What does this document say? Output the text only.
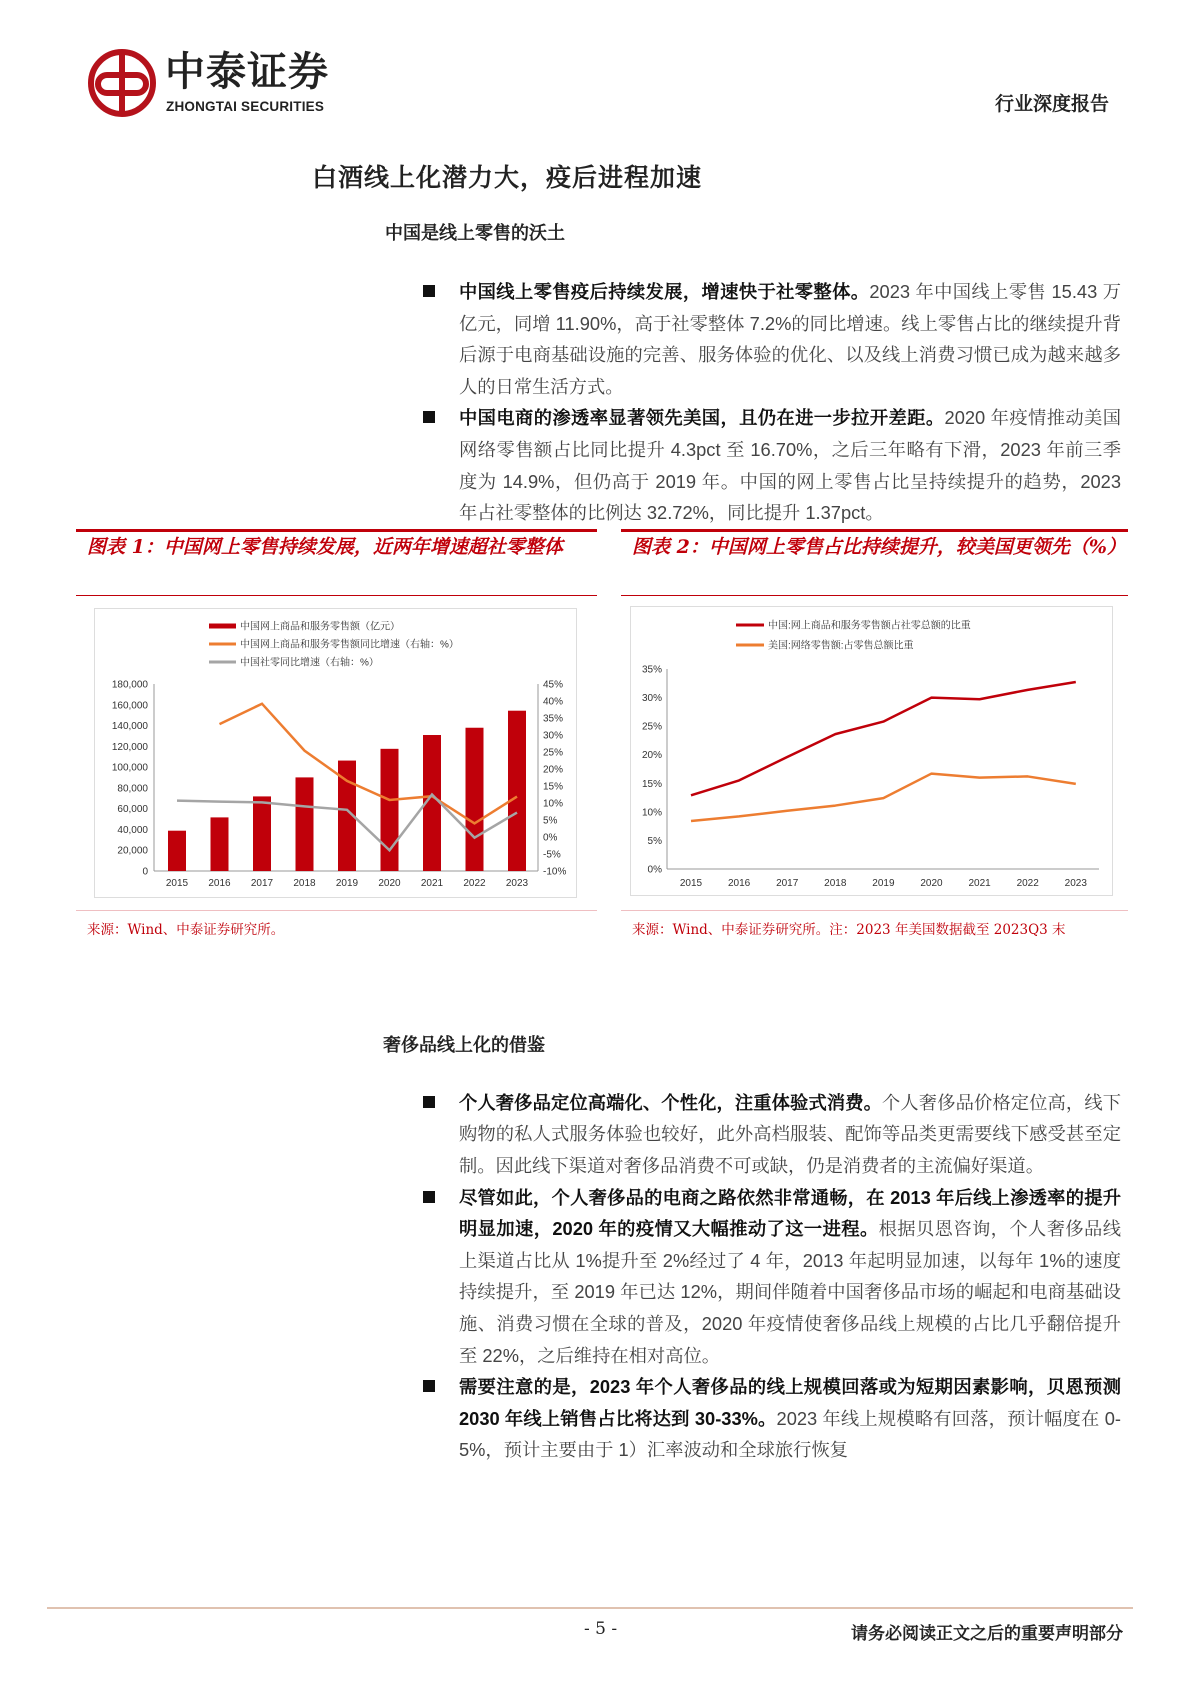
中泰证券
ZHONGTAI SECURITIES	行业深度报告
白酒线上化潜力大，疫后进程加速
中国是线上零售的沃土
中国线上零售疫后持续发展，增速快于社零整体。2023 年中国线上零售 15.43 万亿元，同增 11.90%，高于社零整体 7.2%的同比增速。线上零售占比的继续提升背后源于电商基础设施的完善、服务体验的优化、以及线上消费习惯已成为越来越多人的日常生活方式。
中国电商的渗透率显著领先美国，且仍在进一步拉开差距。2020 年疫情推动美国网络零售额占比同比提升 4.3pct 至 16.70%，之后三年略有下滑，2023 年前三季度为 14.9%，但仍高于 2019 年。中国的网上零售占比呈持续提升的趋势，2023 年占社零整体的比例达 32.72%，同比提升 1.37pct。
图表 1：中国网上零售持续发展，近两年增速超社零整体
中国网上商品和服务零售额（亿元）
中国网上商品和服务零售额同比增速（右轴：%）
中国社零同比增速（右轴：%）
0
20,000
40,000
60,000
80,000
100,000
120,000
140,000
160,000
180,000
-10%
-5%
0%
5%
10%
15%
20%
25%
30%
35%
40%
45%
2015 2016 2017 2018 2019 2020 2021 2022 2023
来源：Wind、中泰证券研究所。
图表 2：中国网上零售占比持续提升，较美国更领先（%）
中国:网上商品和服务零售额占社零总额的比重
美国:网络零售额:占零售总额比重
0%
5%
10%
15%
20%
25%
30%
35%
2015	2016	2017	2018	2019	2020	2021	2022	2023
来源：Wind、中泰证券研究所。注：2023 年美国数据截至 2023Q3 末
奢侈品线上化的借鉴
个人奢侈品定位高端化、个性化，注重体验式消费。个人奢侈品价格定位高，线下购物的私人式服务体验也较好，此外高档服装、配饰等品类更需要线下感受甚至定制。因此线下渠道对奢侈品消费不可或缺，仍是消费者的主流偏好渠道。
尽管如此，个人奢侈品的电商之路依然非常通畅，在 2013 年后线上渗透率的提升明显加速，2020 年的疫情又大幅推动了这一进程。根据贝恩咨询，个人奢侈品线上渠道占比从 1%提升至 2%经过了 4 年，2013 年起明显加速，以每年 1%的速度持续提升，至 2019 年已达 12%，期间伴随着中国奢侈品市场的崛起和电商基础设施、消费习惯在全球的普及，2020 年疫情使奢侈品线上规模的占比几乎翻倍提升至 22%，之后维持在相对高位。
需要注意的是，2023 年个人奢侈品的线上规模回落或为短期因素影响，贝恩预测 2030 年线上销售占比将达到 30-33%。2023 年线上规模略有回落，预计幅度在 0-5%，预计主要由于 1）汇率波动和全球旅行恢复
- 5 -	请务必阅读正文之后的重要声明部分
